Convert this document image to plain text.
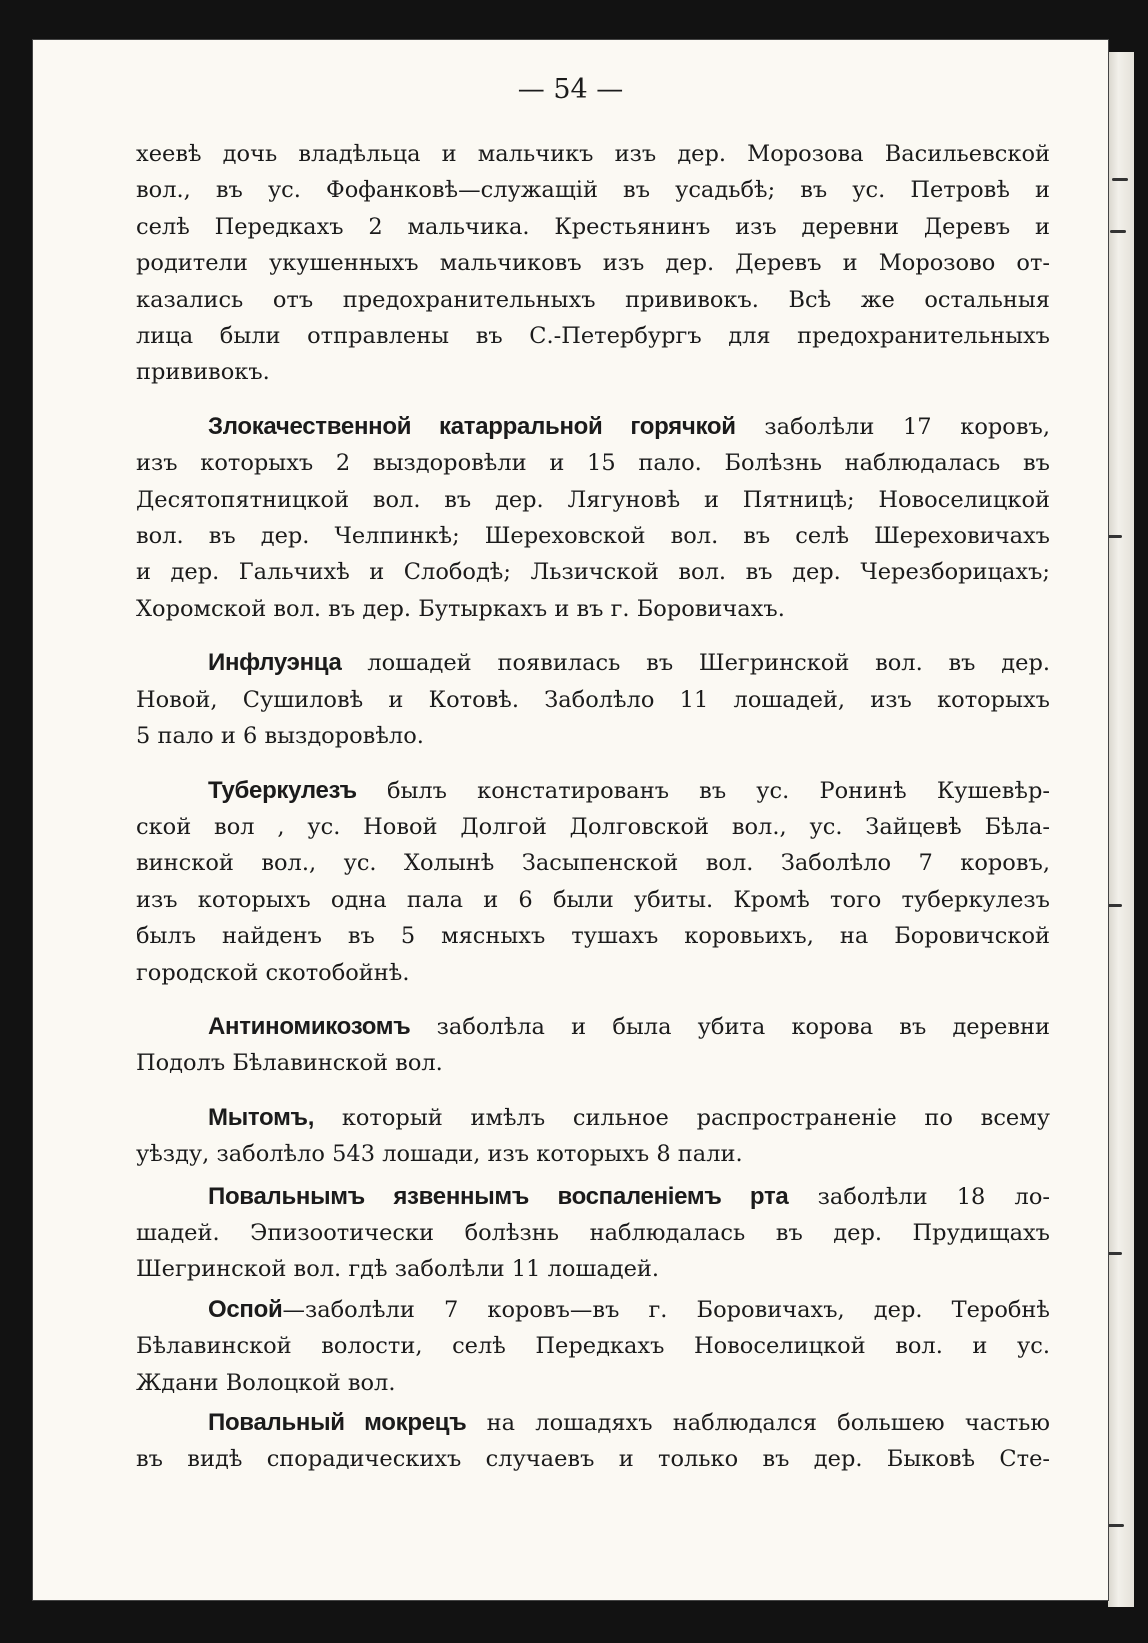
— 54 —
хеевѣ дочь владѣльца и мальчикъ изъ дер. Морозова Васильевской
вол., въ ус. Фофанковѣ—служащій въ усадьбѣ; въ ус. Петровѣ и
селѣ Передкахъ 2 мальчика. Крестьянинъ изъ деревни Деревъ и
родители укушенныхъ мальчиковъ изъ дер. Деревъ и Морозово от-
казались отъ предохранительныхъ прививокъ. Всѣ же остальныя
лица были отправлены въ С.-Петербургъ для предохранительныхъ
прививокъ.
Злокачественной катарральной горячкой заболѣли 17 коровъ,
изъ которыхъ 2 выздоровѣли и 15 пало. Болѣзнь наблюдалась въ
Десятопятницкой вол. въ дер. Лягуновѣ и Пятницѣ; Новоселицкой
вол. въ дер. Челпинкѣ; Шереховской вол. въ селѣ Шереховичахъ
и дер. Гальчихѣ и Слободѣ; Льзичской вол. въ дер. Черезборицахъ;
Хоромской вол. въ дер. Бутыркахъ и въ г. Боровичахъ.
Инфлуэнца лошадей появилась въ Шегринской вол. въ дер.
Новой, Сушиловѣ и Котовѣ. Заболѣло 11 лошадей, изъ которыхъ
5 пало и 6 выздоровѣло.
Туберкулезъ былъ констатированъ въ ус. Ронинѣ Кушевѣр-
ской вол , ус. Новой Долгой Долговской вол., ус. Зайцевѣ Бѣла-
винской вол., ус. Холынѣ Засыпенской вол. Заболѣло 7 коровъ,
изъ которыхъ одна пала и 6 были убиты. Кромѣ того туберкулезъ
былъ найденъ въ 5 мясныхъ тушахъ коровьихъ, на Боровичской
городской скотобойнѣ.
Антиномикозомъ заболѣла и была убита корова въ деревни
Подолъ Бѣлавинской вол.
Мытомъ, который имѣлъ сильное распространеніе по всему
уѣзду, заболѣло 543 лошади, изъ которыхъ 8 пали.
Повальнымъ язвеннымъ воспаленіемъ рта заболѣли 18 ло-
шадей. Эпизоотически болѣзнь наблюдалась въ дер. Прудищахъ
Шегринской вол. гдѣ заболѣли 11 лошадей.
Оспой—заболѣли 7 коровъ—въ г. Боровичахъ, дер. Теробнѣ
Бѣлавинской волости, селѣ Передкахъ Новоселицкой вол. и ус.
Ждани Волоцкой вол.
Повальный мокрецъ на лошадяхъ наблюдался большею частью
въ видѣ спорадическихъ случаевъ и только въ дер. Быковѣ Сте-
